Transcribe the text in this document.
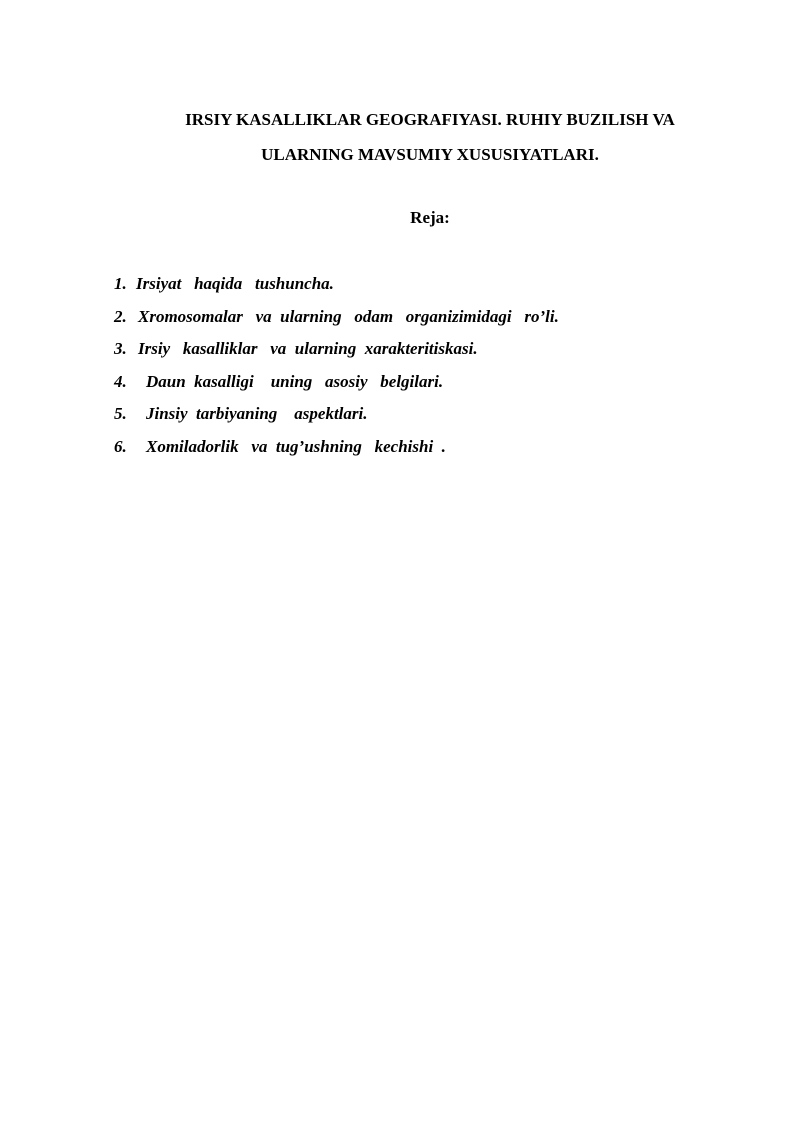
IRSIY KASALLIKLAR GEOGRAFIYASI. RUHIY BUZILISH VA
ULARNING MAVSUMIY XUSUSIYATLARI.
Reja:
1. Irsiyat   haqida   tushuncha.
2. Xromosomalar   va  ularning   odam   organizimidagi   ro’li.
3. Irsiy   kasalliklar   va  ularning  xarakteritiskasi.
4. Daun  kasalligi    uning   asosiy   belgilari.
5. Jinsiy  tarbiyaning    aspektlari.
6. Xomiladorlik   va  tug’ushning   kechishi  .
